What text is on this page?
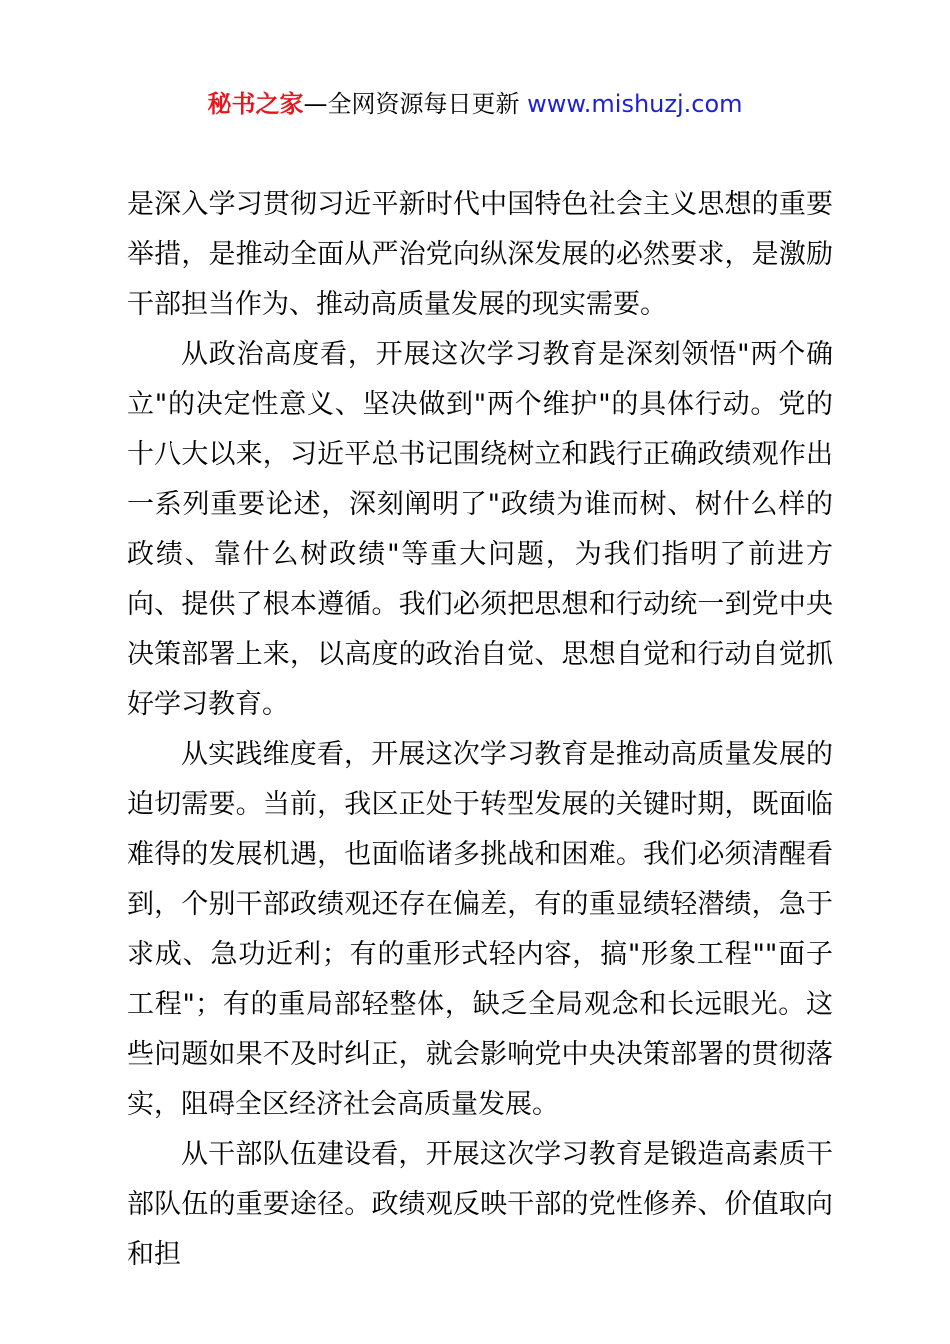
秘书之家—全网资源每日更新 www.mishuzj.com

是深入学习贯彻习近平新时代中国特色社会主义思想的重要举措，是推动全面从严治党向纵深发展的必然要求，是激励干部担当作为、推动高质量发展的现实需要。

从政治高度看，开展这次学习教育是深刻领悟"两个确立"的决定性意义、坚决做到"两个维护"的具体行动。党的十八大以来，习近平总书记围绕树立和践行正确政绩观作出一系列重要论述，深刻阐明了"政绩为谁而树、树什么样的政绩、靠什么树政绩"等重大问题，为我们指明了前进方向、提供了根本遵循。我们必须把思想和行动统一到党中央决策部署上来，以高度的政治自觉、思想自觉和行动自觉抓好学习教育。

从实践维度看，开展这次学习教育是推动高质量发展的迫切需要。当前，我区正处于转型发展的关键时期，既面临难得的发展机遇，也面临诸多挑战和困难。我们必须清醒看到，个别干部政绩观还存在偏差，有的重显绩轻潜绩，急于求成、急功近利；有的重形式轻内容，搞"形象工程""面子工程"；有的重局部轻整体，缺乏全局观念和长远眼光。这些问题如果不及时纠正，就会影响党中央决策部署的贯彻落实，阻碍全区经济社会高质量发展。

从干部队伍建设看，开展这次学习教育是锻造高素质干部队伍的重要途径。政绩观反映干部的党性修养、价值取向和担
